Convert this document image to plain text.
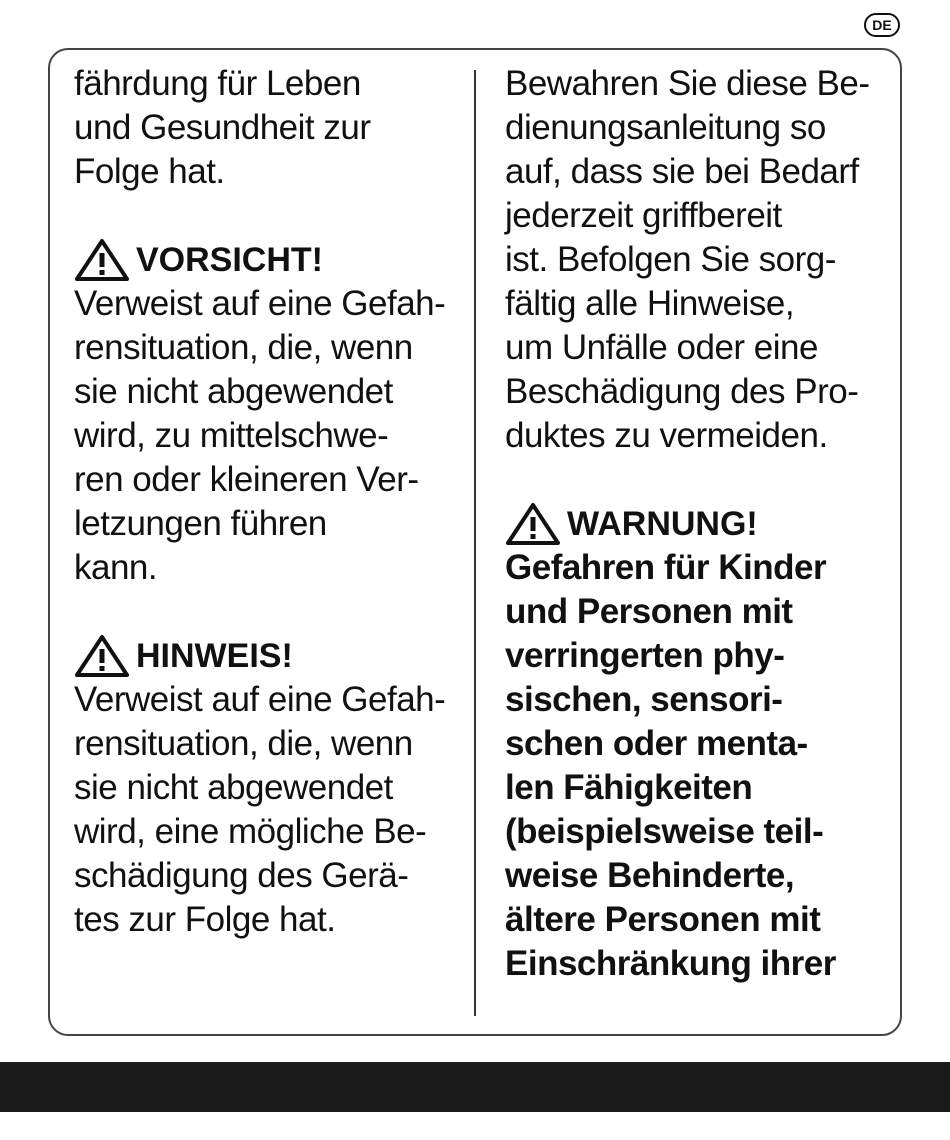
DE
fährdung für Leben
und Gesundheit zur
Folge hat.
VORSICHT!
Verweist auf eine Gefah-
rensituation, die, wenn
sie nicht abgewendet
wird, zu mittelschwe-
ren oder kleineren Ver-
letzungen führen
kann.
HINWEIS!
Verweist auf eine Gefah-
rensituation, die, wenn
sie nicht abgewendet
wird, eine mögliche Be-
schädigung des Gerä-
tes zur Folge hat.
Bewahren Sie diese Be-
dienungsanleitung so
auf, dass sie bei Bedarf
jederzeit griffbereit
ist. Befolgen Sie sorg-
fältig alle Hinweise,
um Unfälle oder eine
Beschädigung des Pro-
duktes zu vermeiden.
WARNUNG!
Gefahren für Kinder
und Personen mit
verringerten phy-
sischen, sensori-
schen oder menta-
len Fähigkeiten
(beispielsweise teil-
weise Behinderte,
ältere Personen mit
Einschränkung ihrer
